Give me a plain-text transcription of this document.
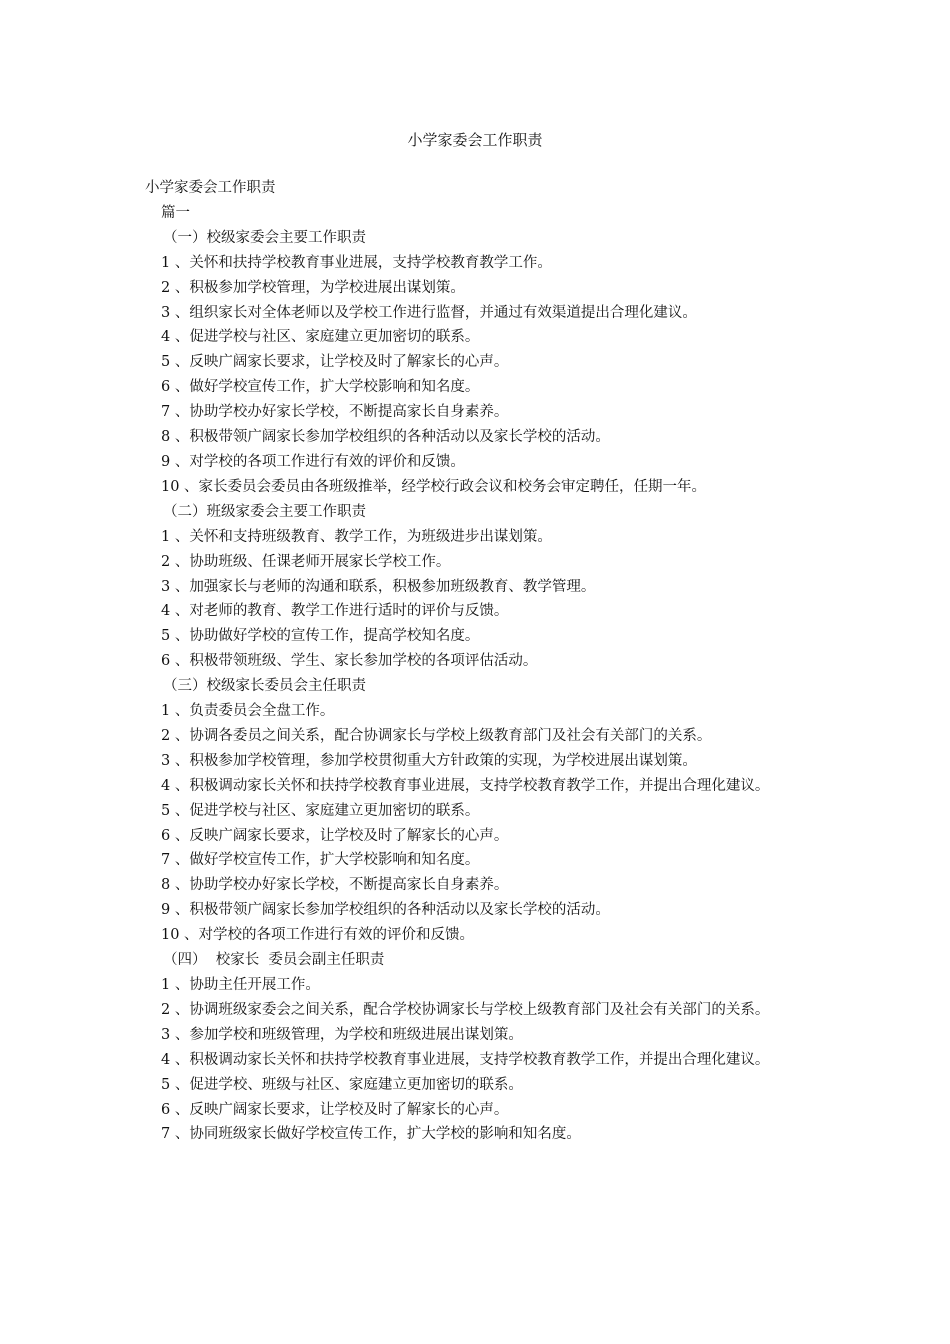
小学家委会工作职责

小学家委会工作职责

篇一

（一）校级家委会主要工作职责

1 、关怀和扶持学校教育事业进展，支持学校教育教学工作。

2 、积极参加学校管理，为学校进展出谋划策。

3 、组织家长对全体老师以及学校工作进行监督，并通过有效渠道提出合理化建议。

4 、促进学校与社区、家庭建立更加密切的联系。

5 、反映广阔家长要求，让学校及时了解家长的心声。

6 、做好学校宣传工作，扩大学校影响和知名度。

7 、协助学校办好家长学校，不断提高家长自身素养。

8 、积极带领广阔家长参加学校组织的各种活动以及家长学校的活动。

9 、对学校的各项工作进行有效的评价和反馈。

10 、家长委员会委员由各班级推举，经学校行政会议和校务会审定聘任，任期一年。

（二）班级家委会主要工作职责

1 、关怀和支持班级教育、教学工作，为班级进步出谋划策。

2 、协助班级、任课老师开展家长学校工作。

3 、加强家长与老师的沟通和联系，积极参加班级教育、教学管理。

4 、对老师的教育、教学工作进行适时的评价与反馈。

5 、协助做好学校的宣传工作，提高学校知名度。

6 、积极带领班级、学生、家长参加学校的各项评估活动。

（三）校级家长委员会主任职责

1 、负责委员会全盘工作。

2 、协调各委员之间关系，配合协调家长与学校上级教育部门及社会有关部门的关系。

3 、积极参加学校管理，参加学校贯彻重大方针政策的实现，为学校进展出谋划策。

4 、积极调动家长关怀和扶持学校教育事业进展，支持学校教育教学工作，并提出合理化建议。

5 、促进学校与社区、家庭建立更加密切的联系。

6 、反映广阔家长要求，让学校及时了解家长的心声。

7 、做好学校宣传工作，扩大学校影响和知名度。

8 、协助学校办好家长学校，不断提高家长自身素养。

9 、积极带领广阔家长参加学校组织的各种活动以及家长学校的活动。

10 、对学校的各项工作进行有效的评价和反馈。

（四）  校家长  委员会副主任职责

1 、协助主任开展工作。

2 、协调班级家委会之间关系，配合学校协调家长与学校上级教育部门及社会有关部门的关系。

3 、参加学校和班级管理，为学校和班级进展出谋划策。

4 、积极调动家长关怀和扶持学校教育事业进展，支持学校教育教学工作，并提出合理化建议。

5 、促进学校、班级与社区、家庭建立更加密切的联系。

6 、反映广阔家长要求，让学校及时了解家长的心声。

7 、协同班级家长做好学校宣传工作，扩大学校的影响和知名度。
